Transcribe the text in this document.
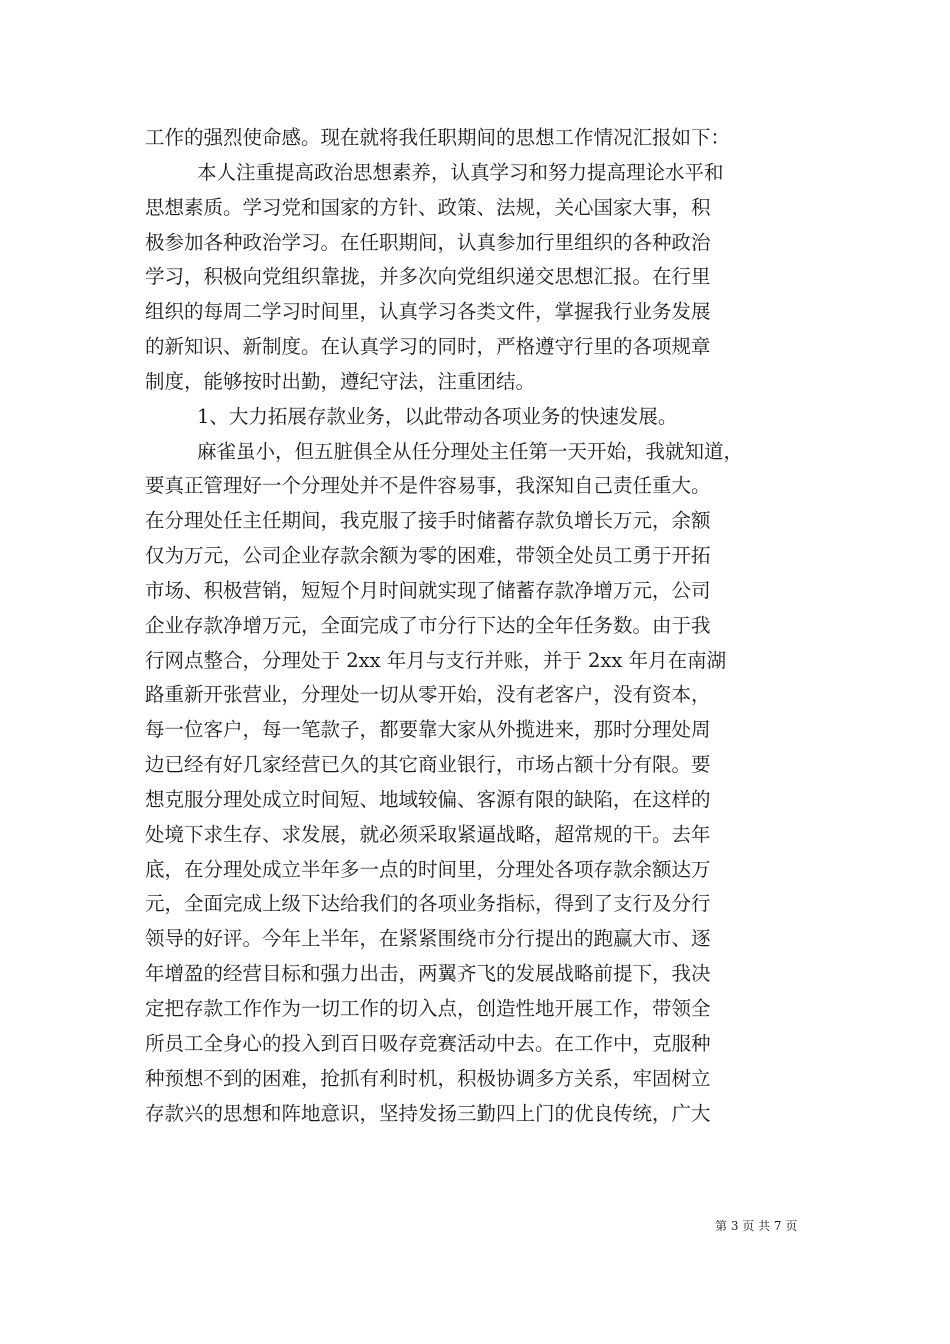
工作的强烈使命感。现在就将我任职期间的思想工作情况汇报如下：
本人注重提高政治思想素养，认真学习和努力提高理论水平和
思想素质。学习党和国家的方针、政策、法规，关心国家大事，积
极参加各种政治学习。在任职期间，认真参加行里组织的各种政治
学习，积极向党组织靠拢，并多次向党组织递交思想汇报。在行里
组织的每周二学习时间里，认真学习各类文件，掌握我行业务发展
的新知识、新制度。在认真学习的同时，严格遵守行里的各项规章
制度，能够按时出勤，遵纪守法，注重团结。
1、大力拓展存款业务，以此带动各项业务的快速发展。
麻雀虽小，但五脏俱全从任分理处主任第一天开始，我就知道，
要真正管理好一个分理处并不是件容易事，我深知自己责任重大。
在分理处任主任期间，我克服了接手时储蓄存款负增长万元，余额
仅为万元，公司企业存款余额为零的困难，带领全处员工勇于开拓
市场、积极营销，短短个月时间就实现了储蓄存款净增万元，公司
企业存款净增万元，全面完成了市分行下达的全年任务数。由于我
行网点整合，分理处于 2xx 年月与支行并账，并于 2xx 年月在南湖
路重新开张营业，分理处一切从零开始，没有老客户，没有资本，
每一位客户，每一笔款子，都要靠大家从外揽进来，那时分理处周
边已经有好几家经营已久的其它商业银行，市场占额十分有限。要
想克服分理处成立时间短、地域较偏、客源有限的缺陷，在这样的
处境下求生存、求发展，就必须采取紧逼战略，超常规的干。去年
底，在分理处成立半年多一点的时间里，分理处各项存款余额达万
元，全面完成上级下达给我们的各项业务指标，得到了支行及分行
领导的好评。今年上半年，在紧紧围绕市分行提出的跑赢大市、逐
年增盈的经营目标和强力出击，两翼齐飞的发展战略前提下，我决
定把存款工作作为一切工作的切入点，创造性地开展工作，带领全
所员工全身心的投入到百日吸存竞赛活动中去。在工作中，克服种
种预想不到的困难，抢抓有利时机，积极协调多方关系，牢固树立
存款兴的思想和阵地意识，坚持发扬三勤四上门的优良传统，广大
第 3 页 共 7 页
